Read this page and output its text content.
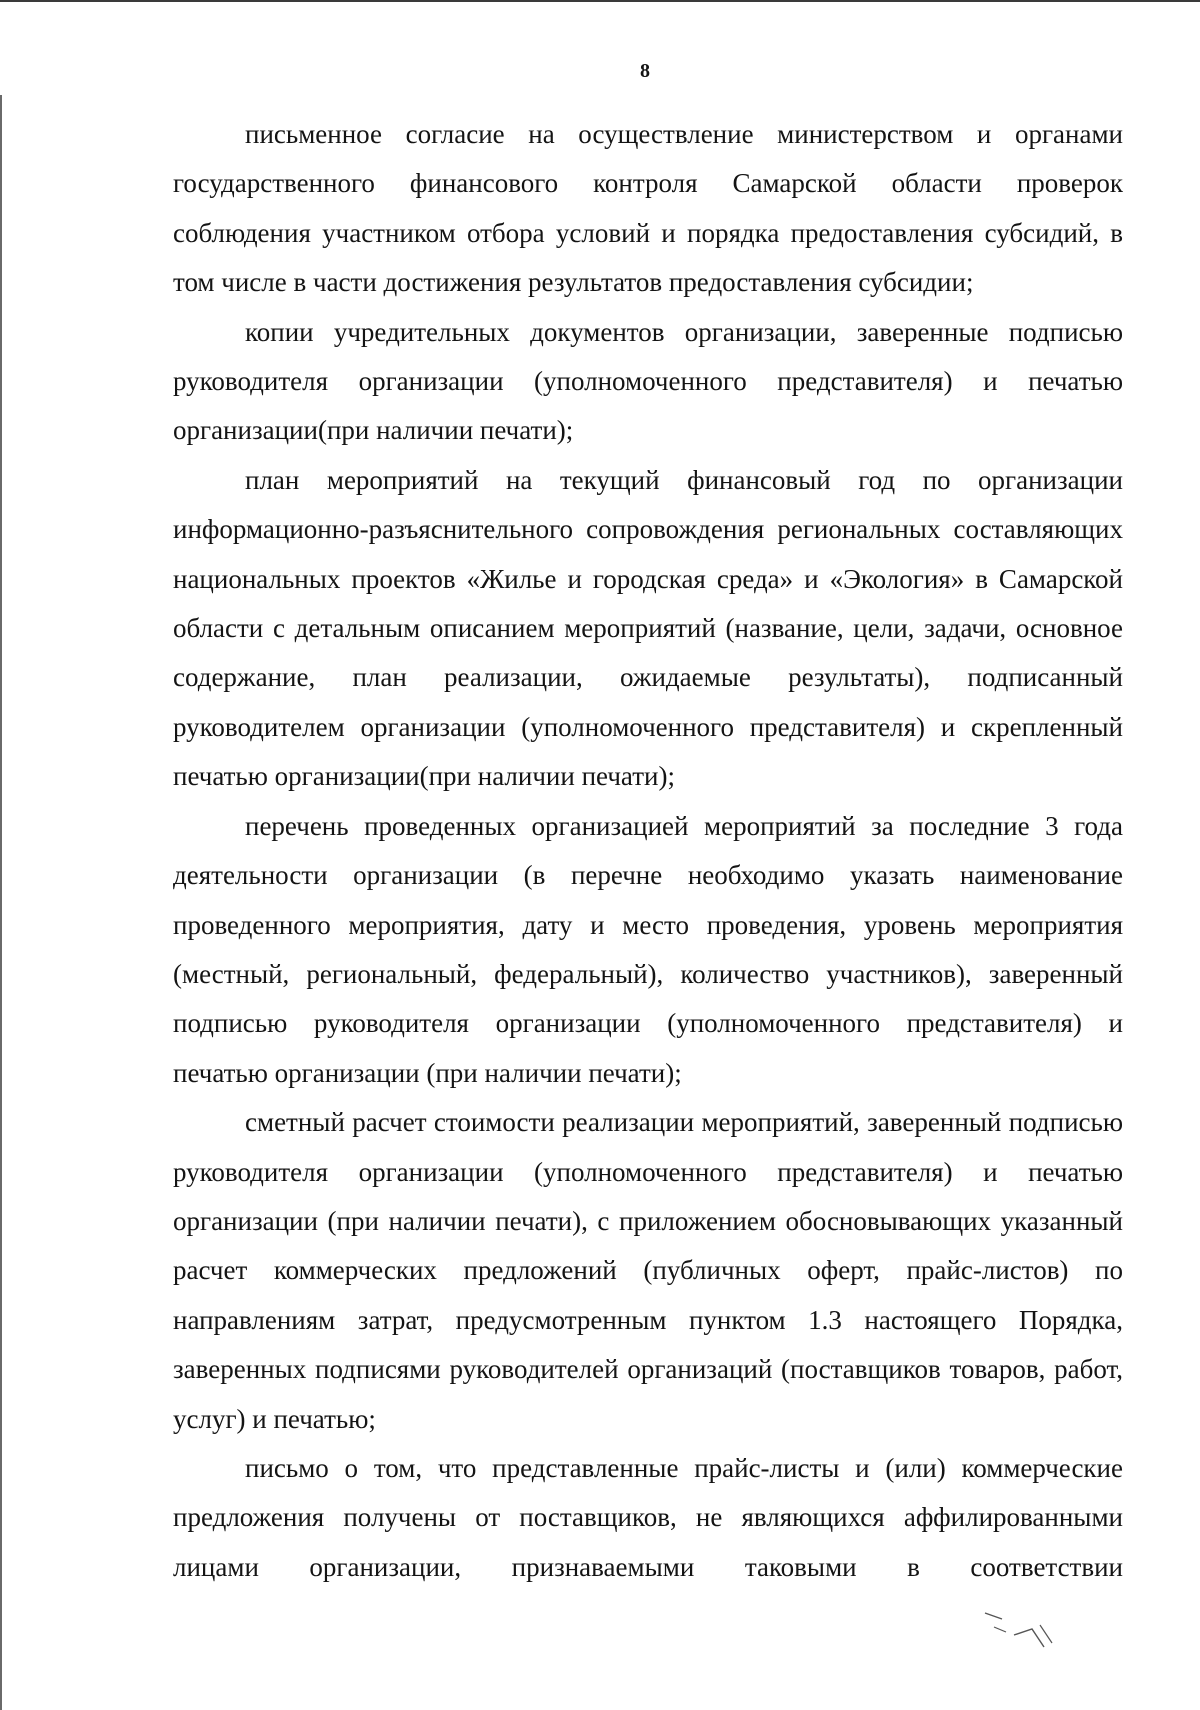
8

письменное согласие на осуществление министерством и органами государственного финансового контроля Самарской области проверок соблюдения участником отбора условий и порядка предоставления субсидий, в том числе в части достижения результатов предоставления субсидии;

копии учредительных документов организации, заверенные подписью руководителя организации (уполномоченного представителя) и печатью организации(при наличии печати);

план мероприятий на текущий финансовый год по организации информационно-разъяснительного сопровождения региональных составляющих национальных проектов «Жилье и городская среда» и «Экология» в Самарской области с детальным описанием мероприятий (название, цели, задачи, основное содержание, план реализации, ожидаемые результаты), подписанный руководителем организации (уполномоченного представителя) и скрепленный печатью организации(при наличии печати);

перечень проведенных организацией мероприятий за последние 3 года деятельности организации (в перечне необходимо указать наименование проведенного мероприятия, дату и место проведения, уровень мероприятия (местный, региональный, федеральный), количество участников), заверенный подписью руководителя организации (уполномоченного представителя) и печатью организации (при наличии печати);

сметный расчет стоимости реализации мероприятий, заверенный подписью руководителя организации (уполномоченного представителя) и печатью организации (при наличии печати), с приложением обосновывающих указанный расчет коммерческих предложений (публичных оферт, прайс-листов) по направлениям затрат, предусмотренным пунктом 1.3 настоящего Порядка, заверенных подписями руководителей организаций (поставщиков товаров, работ, услуг) и печатью;

письмо о том, что представленные прайс-листы и (или) коммерческие предложения получены от поставщиков, не являющихся аффилированными лицами организации, признаваемыми таковыми в соответствии
